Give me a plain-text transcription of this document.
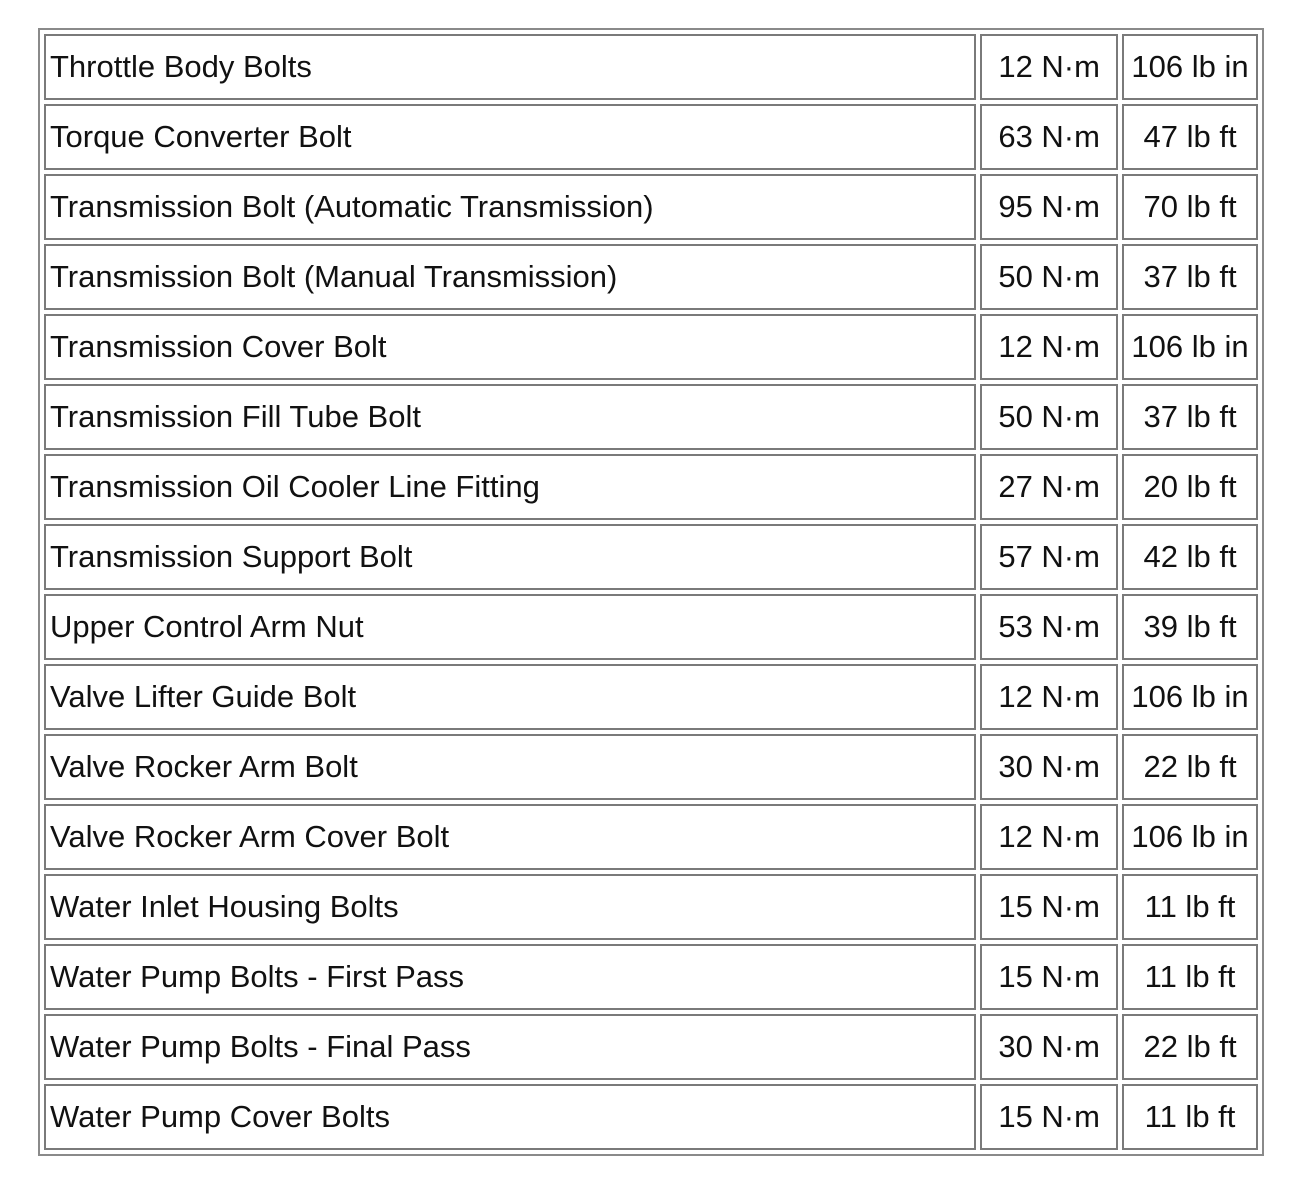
Throttle Body Bolts	12 N·m	106 lb in
Torque Converter Bolt	63 N·m	47 lb ft
Transmission Bolt (Automatic Transmission)	95 N·m	70 lb ft
Transmission Bolt (Manual Transmission)	50 N·m	37 lb ft
Transmission Cover Bolt	12 N·m	106 lb in
Transmission Fill Tube Bolt	50 N·m	37 lb ft
Transmission Oil Cooler Line Fitting	27 N·m	20 lb ft
Transmission Support Bolt	57 N·m	42 lb ft
Upper Control Arm Nut	53 N·m	39 lb ft
Valve Lifter Guide Bolt	12 N·m	106 lb in
Valve Rocker Arm Bolt	30 N·m	22 lb ft
Valve Rocker Arm Cover Bolt	12 N·m	106 lb in
Water Inlet Housing Bolts	15 N·m	11 lb ft
Water Pump Bolts - First Pass	15 N·m	11 lb ft
Water Pump Bolts - Final Pass	30 N·m	22 lb ft
Water Pump Cover Bolts	15 N·m	11 lb ft
